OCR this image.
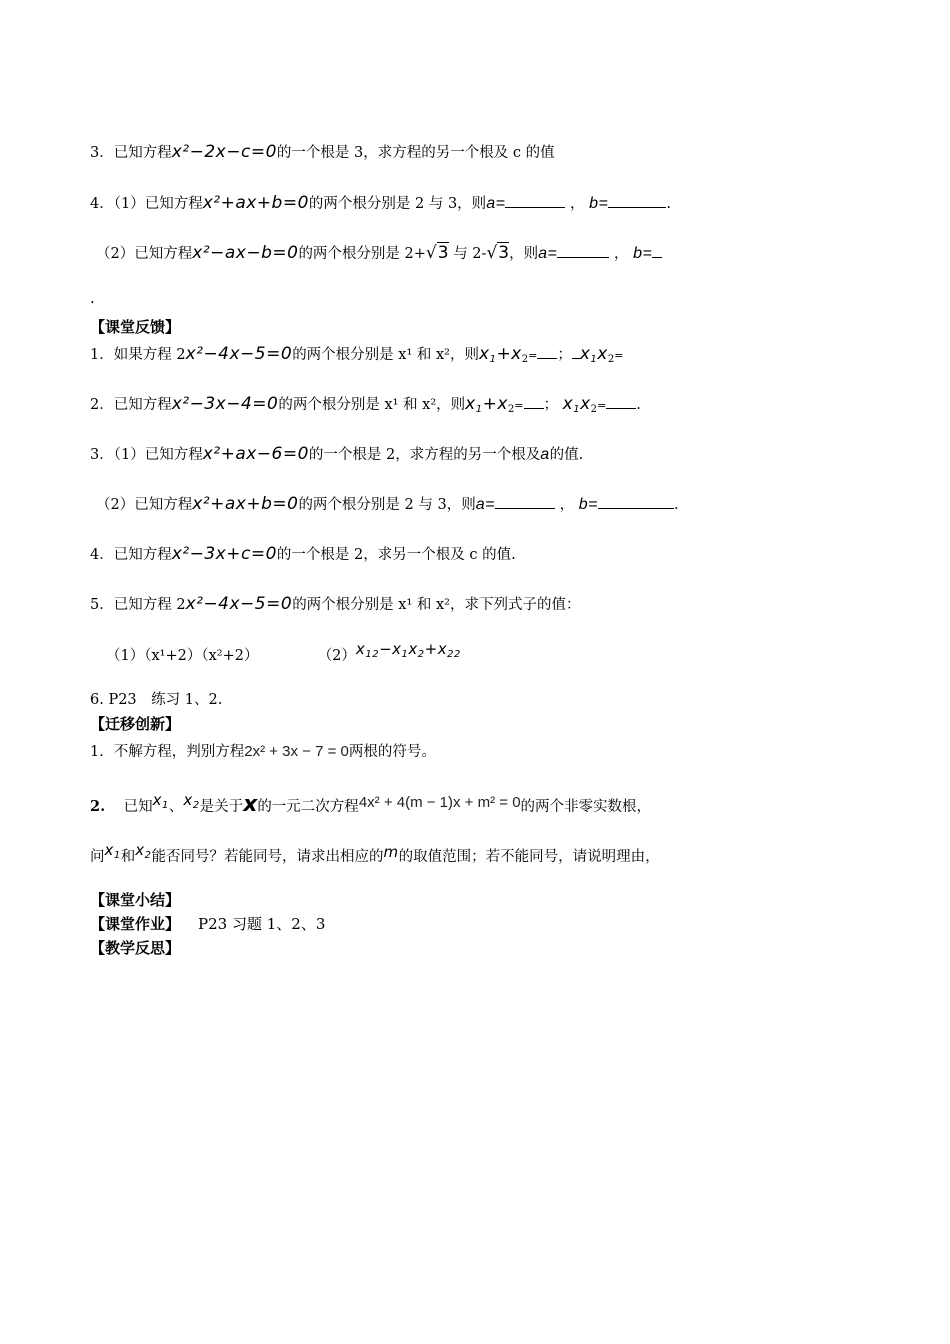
3．已知方程x²−2x−c=0的一个根是 3，求方程的另一个根及 c 的值
4．（1）已知方程x²+ax+b=0的两个根分别是 2 与 3，则a=	， b=	.
（2）已知方程x²−ax−b=0的两个根分别是 2+√3 与 2-√3，则a=	， b=
.
【课堂反馈】
1．如果方程 2x²−4x−5=0的两个根分别是 x¹ 和 x²，则$x_1+x_2=$ ； $x_1x_2=$
2．已知方程x²−3x−4=0的两个根分别是 x¹ 和 x²，则$x_1+x_2=$ ； $x_1x_2=$ .
3．（1）已知方程x²+ax−6=0的一个根是 2，求方程的另一个根及a的值.
（2）已知方程x²+ax+b=0的两个根分别是 2 与 3，则a=	， b=	.
4．已知方程x²−3x+c=0的一个根是 2，求另一个根及 c 的值.
5．已知方程 2x²−4x−5=0的两个根分别是 x¹ 和 x²，求下列式子的值：
（1）（x¹+2）（x²+2）	$(2)x_1^2-x_1x_2+x_2^2$
6. P23　练习 1、2.
【迁移创新】
1．不解方程，判别方程2x² + 3x − 7 = 0两根的符号。
2. 已知$x_1$、$x_2$是关于x的一元二次方程4x² + 4(m − 1)x + m² = 0的两个非零实数根，
问$x_1$和$x_2$能否同号？若能同号，请求出相应的m的取值范围；若不能同号，请说明理由，
【课堂小结】
【课堂作业】 P23 习题 1、2、3
【教学反思】
